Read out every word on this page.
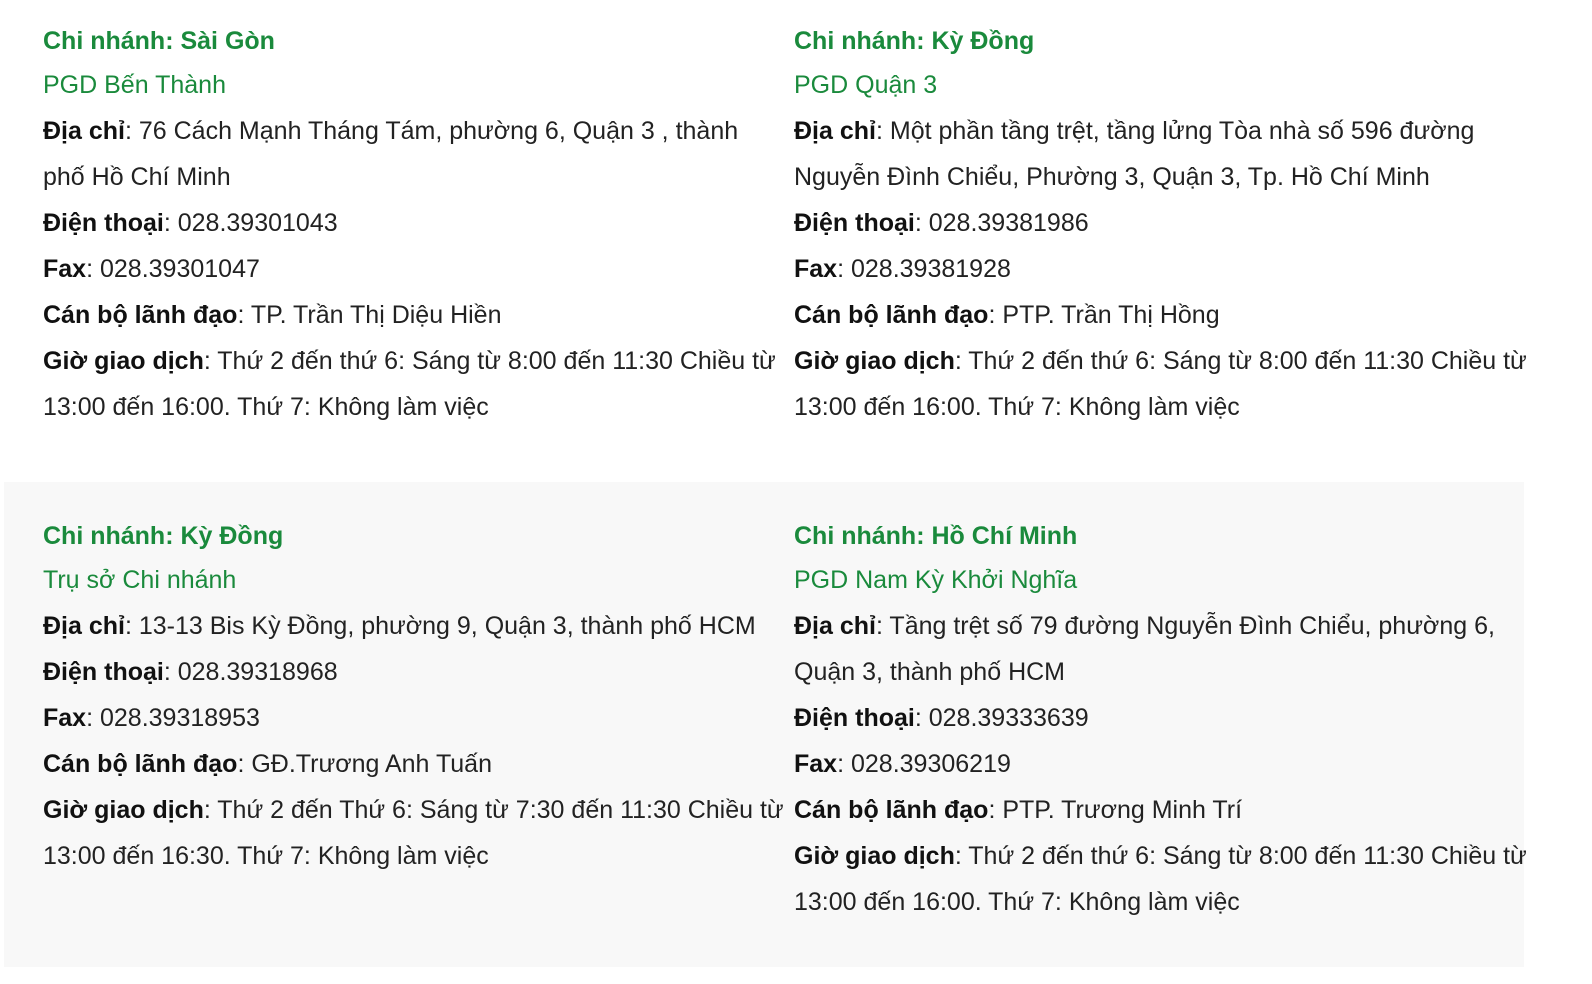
Chi nhánh: Sài Gòn

PGD Bến Thành

Địa chỉ: 76 Cách Mạnh Tháng Tám, phường 6, Quận 3 , thành phố Hồ Chí Minh

Điện thoại: 028.39301043

Fax: 028.39301047

Cán bộ lãnh đạo: TP. Trần Thị Diệu Hiền

Giờ giao dịch: Thứ 2 đến thứ 6: Sáng từ 8:00 đến 11:30 Chiều từ 13:00 đến 16:00. Thứ 7: Không làm việc

Chi nhánh: Kỳ Đồng

PGD Quận 3

Địa chỉ: Một phần tầng trệt, tầng lửng Tòa nhà số 596 đường Nguyễn Đình Chiểu, Phường 3, Quận 3, Tp. Hồ Chí Minh

Điện thoại: 028.39381986

Fax: 028.39381928

Cán bộ lãnh đạo: PTP. Trần Thị Hồng

Giờ giao dịch: Thứ 2 đến thứ 6: Sáng từ 8:00 đến 11:30 Chiều từ 13:00 đến 16:00. Thứ 7: Không làm việc

Chi nhánh: Kỳ Đồng

Trụ sở Chi nhánh

Địa chỉ: 13-13 Bis Kỳ Đồng, phường 9, Quận 3, thành phố HCM

Điện thoại: 028.39318968

Fax: 028.39318953

Cán bộ lãnh đạo: GĐ.Trương Anh Tuấn

Giờ giao dịch: Thứ 2 đến Thứ 6: Sáng từ 7:30 đến 11:30 Chiều từ 13:00 đến 16:30. Thứ 7: Không làm việc

Chi nhánh: Hồ Chí Minh

PGD Nam Kỳ Khởi Nghĩa

Địa chỉ: Tầng trệt số 79 đường Nguyễn Đình Chiểu, phường 6, Quận 3, thành phố HCM

Điện thoại: 028.39333639

Fax: 028.39306219

Cán bộ lãnh đạo: PTP. Trương Minh Trí

Giờ giao dịch: Thứ 2 đến thứ 6: Sáng từ 8:00 đến 11:30 Chiều từ 13:00 đến 16:00. Thứ 7: Không làm việc
